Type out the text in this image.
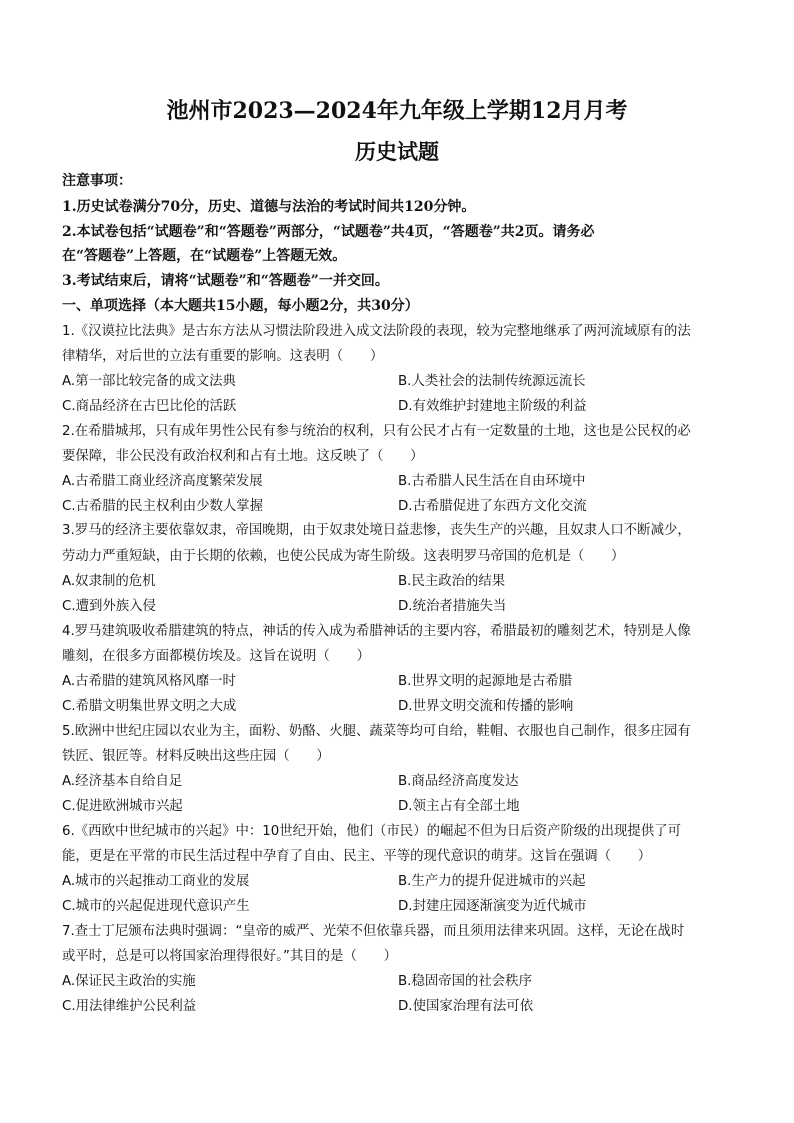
池州市2023—2024年九年级上学期12月月考
历史试题
注意事项：
1.历史试卷满分70分，历史、道德与法治的考试时间共120分钟。
2.本试卷包括“试题卷”和“答题卷”两部分，“试题卷”共4页，“答题卷”共2页。请务必
在“答题卷”上答题，在“试题卷”上答题无效。
3.考试结束后，请将“试题卷”和“答题卷”一并交回。
一、单项选择（本大题共15小题，每小题2分，共30分）
1.《汉谟拉比法典》是古东方法从习惯法阶段进入成文法阶段的表现，较为完整地继承了两河流域原有的法
律精华，对后世的立法有重要的影响。这表明（　　）
A.第一部比较完备的成文法典	B.人类社会的法制传统源远流长
C.商品经济在古巴比伦的活跃	D.有效维护封建地主阶级的利益
2.在希腊城邦，只有成年男性公民有参与统治的权利，只有公民才占有一定数量的土地，这也是公民权的必
要保障，非公民没有政治权利和占有土地。这反映了（　　）
A.古希腊工商业经济高度繁荣发展	B.古希腊人民生活在自由环境中
C.古希腊的民主权利由少数人掌握	D.古希腊促进了东西方文化交流
3.罗马的经济主要依靠奴隶，帝国晚期，由于奴隶处境日益悲惨，丧失生产的兴趣，且奴隶人口不断减少，
劳动力严重短缺，由于长期的依赖，也使公民成为寄生阶级。这表明罗马帝国的危机是（　　）
A.奴隶制的危机	B.民主政治的结果
C.遭到外族入侵	D.统治者措施失当
4.罗马建筑吸收希腊建筑的特点，神话的传入成为希腊神话的主要内容，希腊最初的雕刻艺术，特别是人像
雕刻，在很多方面都模仿埃及。这旨在说明（　　）
A.古希腊的建筑风格风靡一时	B.世界文明的起源地是古希腊
C.希腊文明集世界文明之大成	D.世界文明交流和传播的影响
5.欧洲中世纪庄园以农业为主，面粉、奶酪、火腿、蔬菜等均可自给，鞋帽、衣服也自己制作，很多庄园有
铁匠、银匠等。材料反映出这些庄园（　　）
A.经济基本自给自足	B.商品经济高度发达
C.促进欧洲城市兴起	D.领主占有全部土地
6.《西欧中世纪城市的兴起》中：10世纪开始，他们（市民）的崛起不但为日后资产阶级的出现提供了可
能，更是在平常的市民生活过程中孕育了自由、民主、平等的现代意识的萌芽。这旨在强调（　　）
A.城市的兴起推动工商业的发展	B.生产力的提升促进城市的兴起
C.城市的兴起促进现代意识产生	D.封建庄园逐渐演变为近代城市
7.查士丁尼颁布法典时强调：“皇帝的威严、光荣不但依靠兵器，而且须用法律来巩固。这样，无论在战时
或平时，总是可以将国家治理得很好。”其目的是（　　）
A.保证民主政治的实施	B.稳固帝国的社会秩序
C.用法律维护公民利益	D.使国家治理有法可依
